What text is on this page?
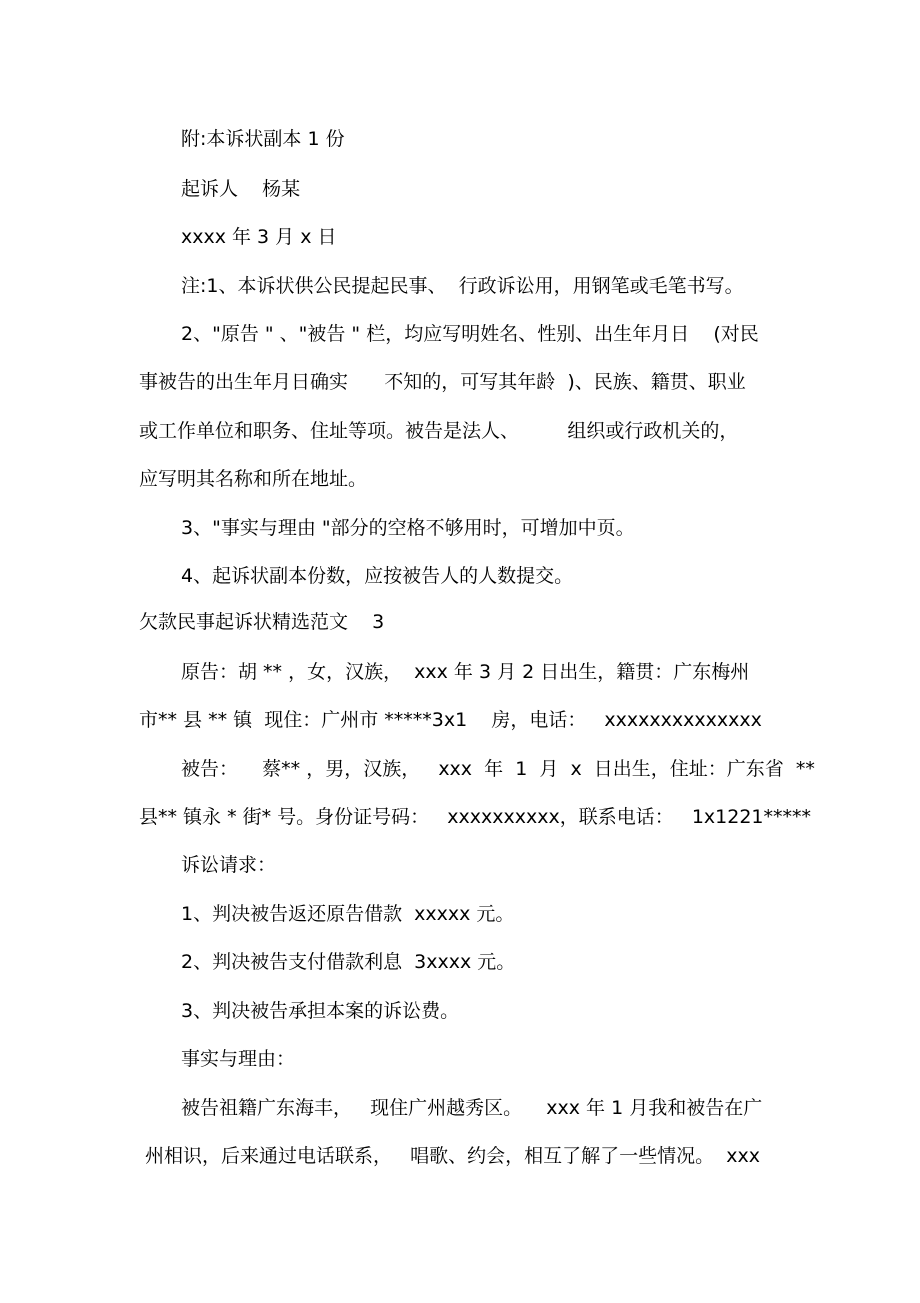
附:本诉状副本 1 份
起诉人    杨某
xxxx 年 3 月 x 日
注:1、本诉状供公民提起民事、  行政诉讼用，用钢笔或毛笔书写。
2、"原告 " 、"被告 " 栏，均应写明姓名、性别、出生年月日    (对民
事被告的出生年月日确实      不知的，可写其年龄  )、民族、籍贯、职业
或工作单位和职务、住址等项。被告是法人、        组织或行政机关的，
应写明其名称和所在地址。
3、"事实与理由 "部分的空格不够用时，可增加中页。
4、起诉状副本份数，应按被告人的人数提交。
欠款民事起诉状精选范文    3
原告：胡 ** ，女，汉族，  xxx 年 3 月 2 日出生，籍贯：广东梅州
市** 县 ** 镇  现住：广州市 *****3x1    房，电话：   xxxxxxxxxxxxxx
被告：    蔡** ，男，汉族，   xxx  年  1  月  x  日出生，住址：广东省  **
县** 镇永 * 街* 号。身份证号码：   xxxxxxxxxx，联系电话：   1x1221*****
诉讼请求：
1、判决被告返还原告借款  xxxxx 元。
2、判决被告支付借款利息  3xxxx 元。
3、判决被告承担本案的诉讼费。
事实与理由：
被告祖籍广东海丰，   现住广州越秀区。    xxx 年 1 月我和被告在广
州相识，后来通过电话联系，   唱歌、约会，相互了解了一些情况。  xxx
